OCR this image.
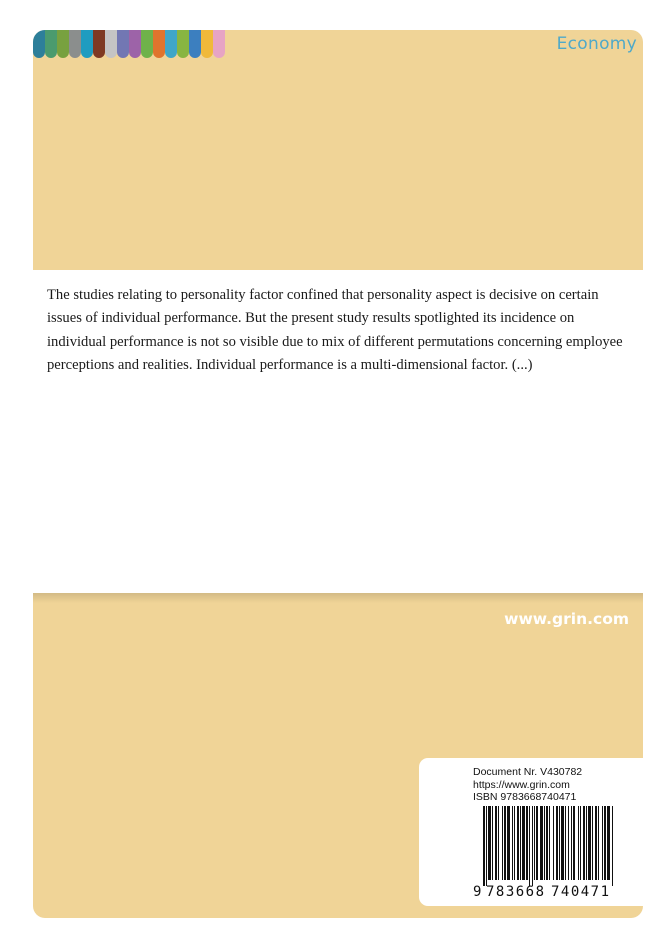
Economy

The studies relating to personality factor confined that personality aspect is decisive on certain issues of individual performance. But the present study results spotlighted its incidence on individual performance is not so visible due to mix of different permutations concerning employee perceptions and realities. Individual performance is a multi-dimensional factor. (...)

www.grin.com
Document Nr. V430782
https://www.grin.com
ISBN 9783668740471
9 783668 740471
